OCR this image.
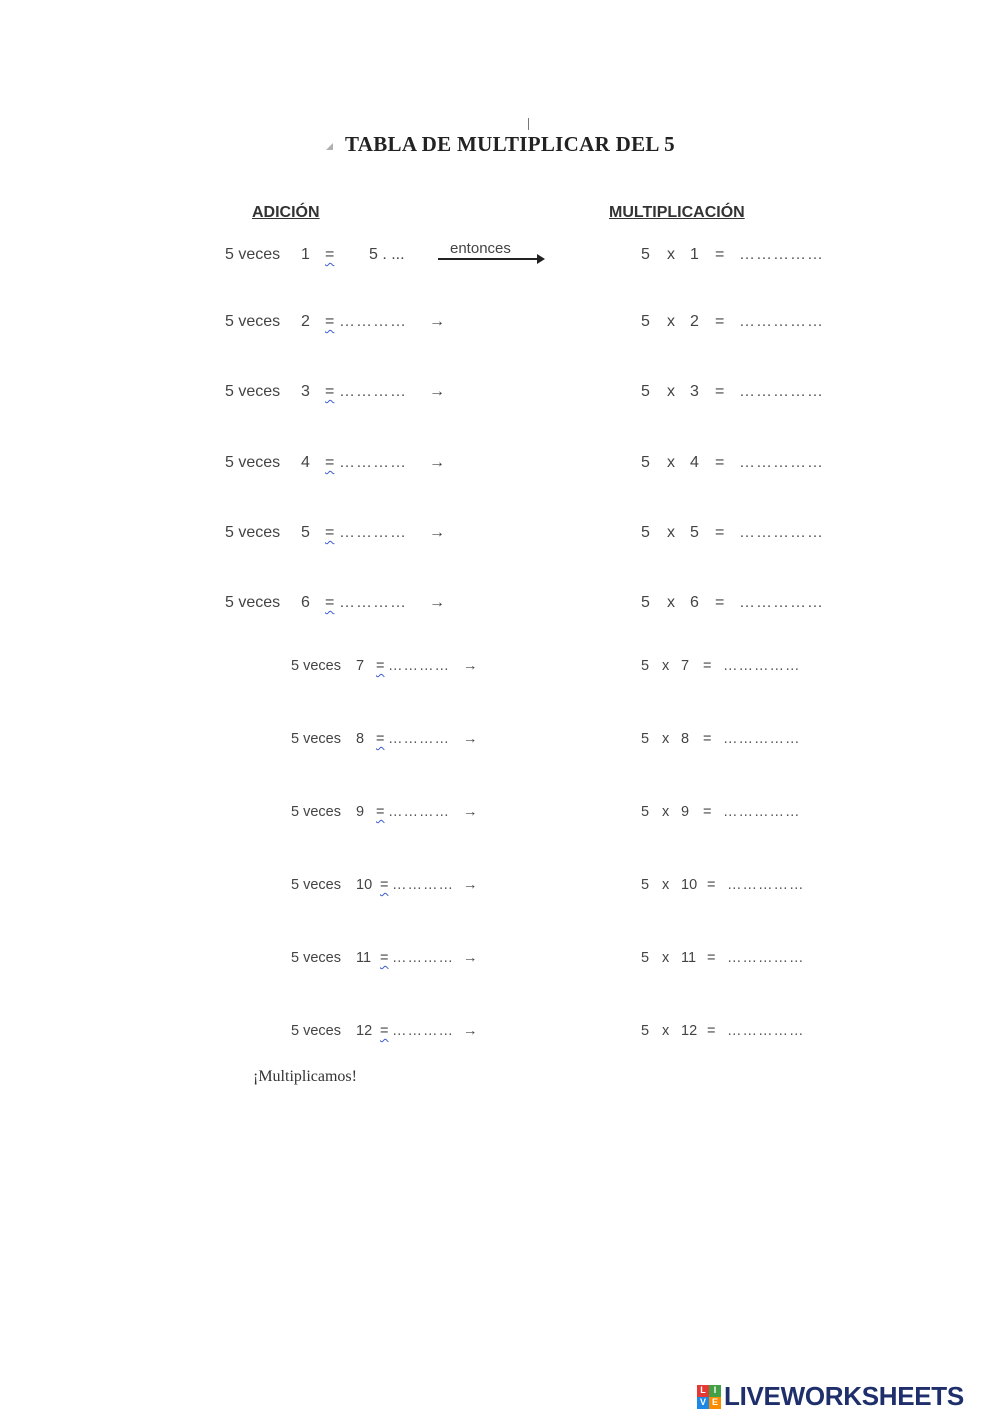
TABLA DE MULTIPLICAR DEL 5
ADICIÓN	MULTIPLICACIÓN
5 veces 1 = 5 . ...	5 x 1 = ……………
entonces
5 veces 2 = ………… →	5 x 2 = ……………
5 veces 3 = ………… →	5 x 3 = ……………
5 veces 4 = ………… →	5 x 4 = ……………
5 veces 5 = ………… →	5 x 5 = ……………
5 veces 6 = ………… →	5 x 6 = ……………
5 veces 7 = ………… →	5 x 7 = ……………
5 veces 8 = ………… →	5 x 8 = ……………
5 veces 9 = ………… →	5 x 9 = ……………
5 veces 10 = ………… →	5 x 10 = ……………
5 veces 11 = ………… →	5 x 11 = ……………
5 veces 12 = ………… →	5 x 12 = ……………
¡Multiplicamos!
L I
V E LIVEWORKSHEETS
